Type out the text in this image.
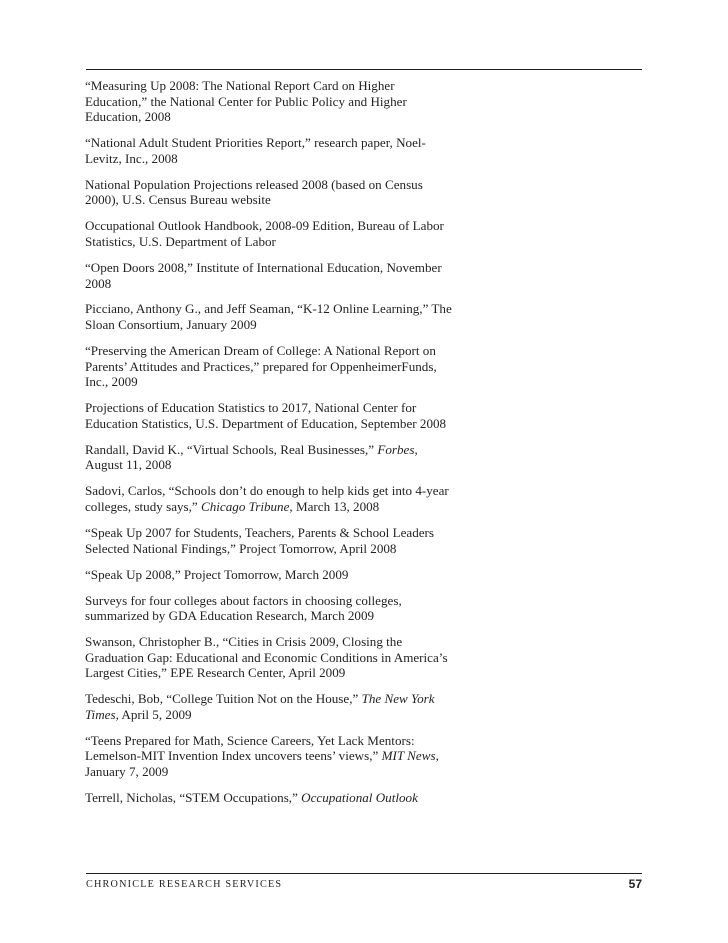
“Measuring Up 2008: The National Report Card on Higher Education,” the National Center for Public Policy and Higher Education, 2008

“National Adult Student Priorities Report,” research paper, Noel-Levitz, Inc., 2008

National Population Projections released 2008 (based on Census 2000), U.S. Census Bureau website

Occupational Outlook Handbook, 2008-09 Edition, Bureau of Labor Statistics, U.S. Department of Labor

“Open Doors 2008,” Institute of International Education, November 2008

Picciano, Anthony G., and Jeff Seaman, “K-12 Online Learning,” The Sloan Consortium, January 2009

“Preserving the American Dream of College: A National Report on Parents’ Attitudes and Practices,” prepared for OppenheimerFunds, Inc., 2009

Projections of Education Statistics to 2017, National Center for Education Statistics, U.S. Department of Education, September 2008

Randall, David K., “Virtual Schools, Real Businesses,” Forbes, August 11, 2008

Sadovi, Carlos, “Schools don’t do enough to help kids get into 4-year colleges, study says,” Chicago Tribune, March 13, 2008

“Speak Up 2007 for Students, Teachers, Parents & School Leaders Selected National Findings,” Project Tomorrow, April 2008

“Speak Up 2008,” Project Tomorrow, March 2009

Surveys for four colleges about factors in choosing colleges, summarized by GDA Education Research, March 2009

Swanson, Christopher B., “Cities in Crisis 2009, Closing the Graduation Gap: Educational and Economic Conditions in America’s Largest Cities,” EPE Research Center, April 2009

Tedeschi, Bob, “College Tuition Not on the House,” The New York Times, April 5, 2009

“Teens Prepared for Math, Science Careers, Yet Lack Mentors: Lemelson-MIT Invention Index uncovers teens’ views,” MIT News, January 7, 2009

Terrell, Nicholas, “STEM Occupations,” Occupational Outlook

CHRONICLE RESEARCH SERVICES	57
